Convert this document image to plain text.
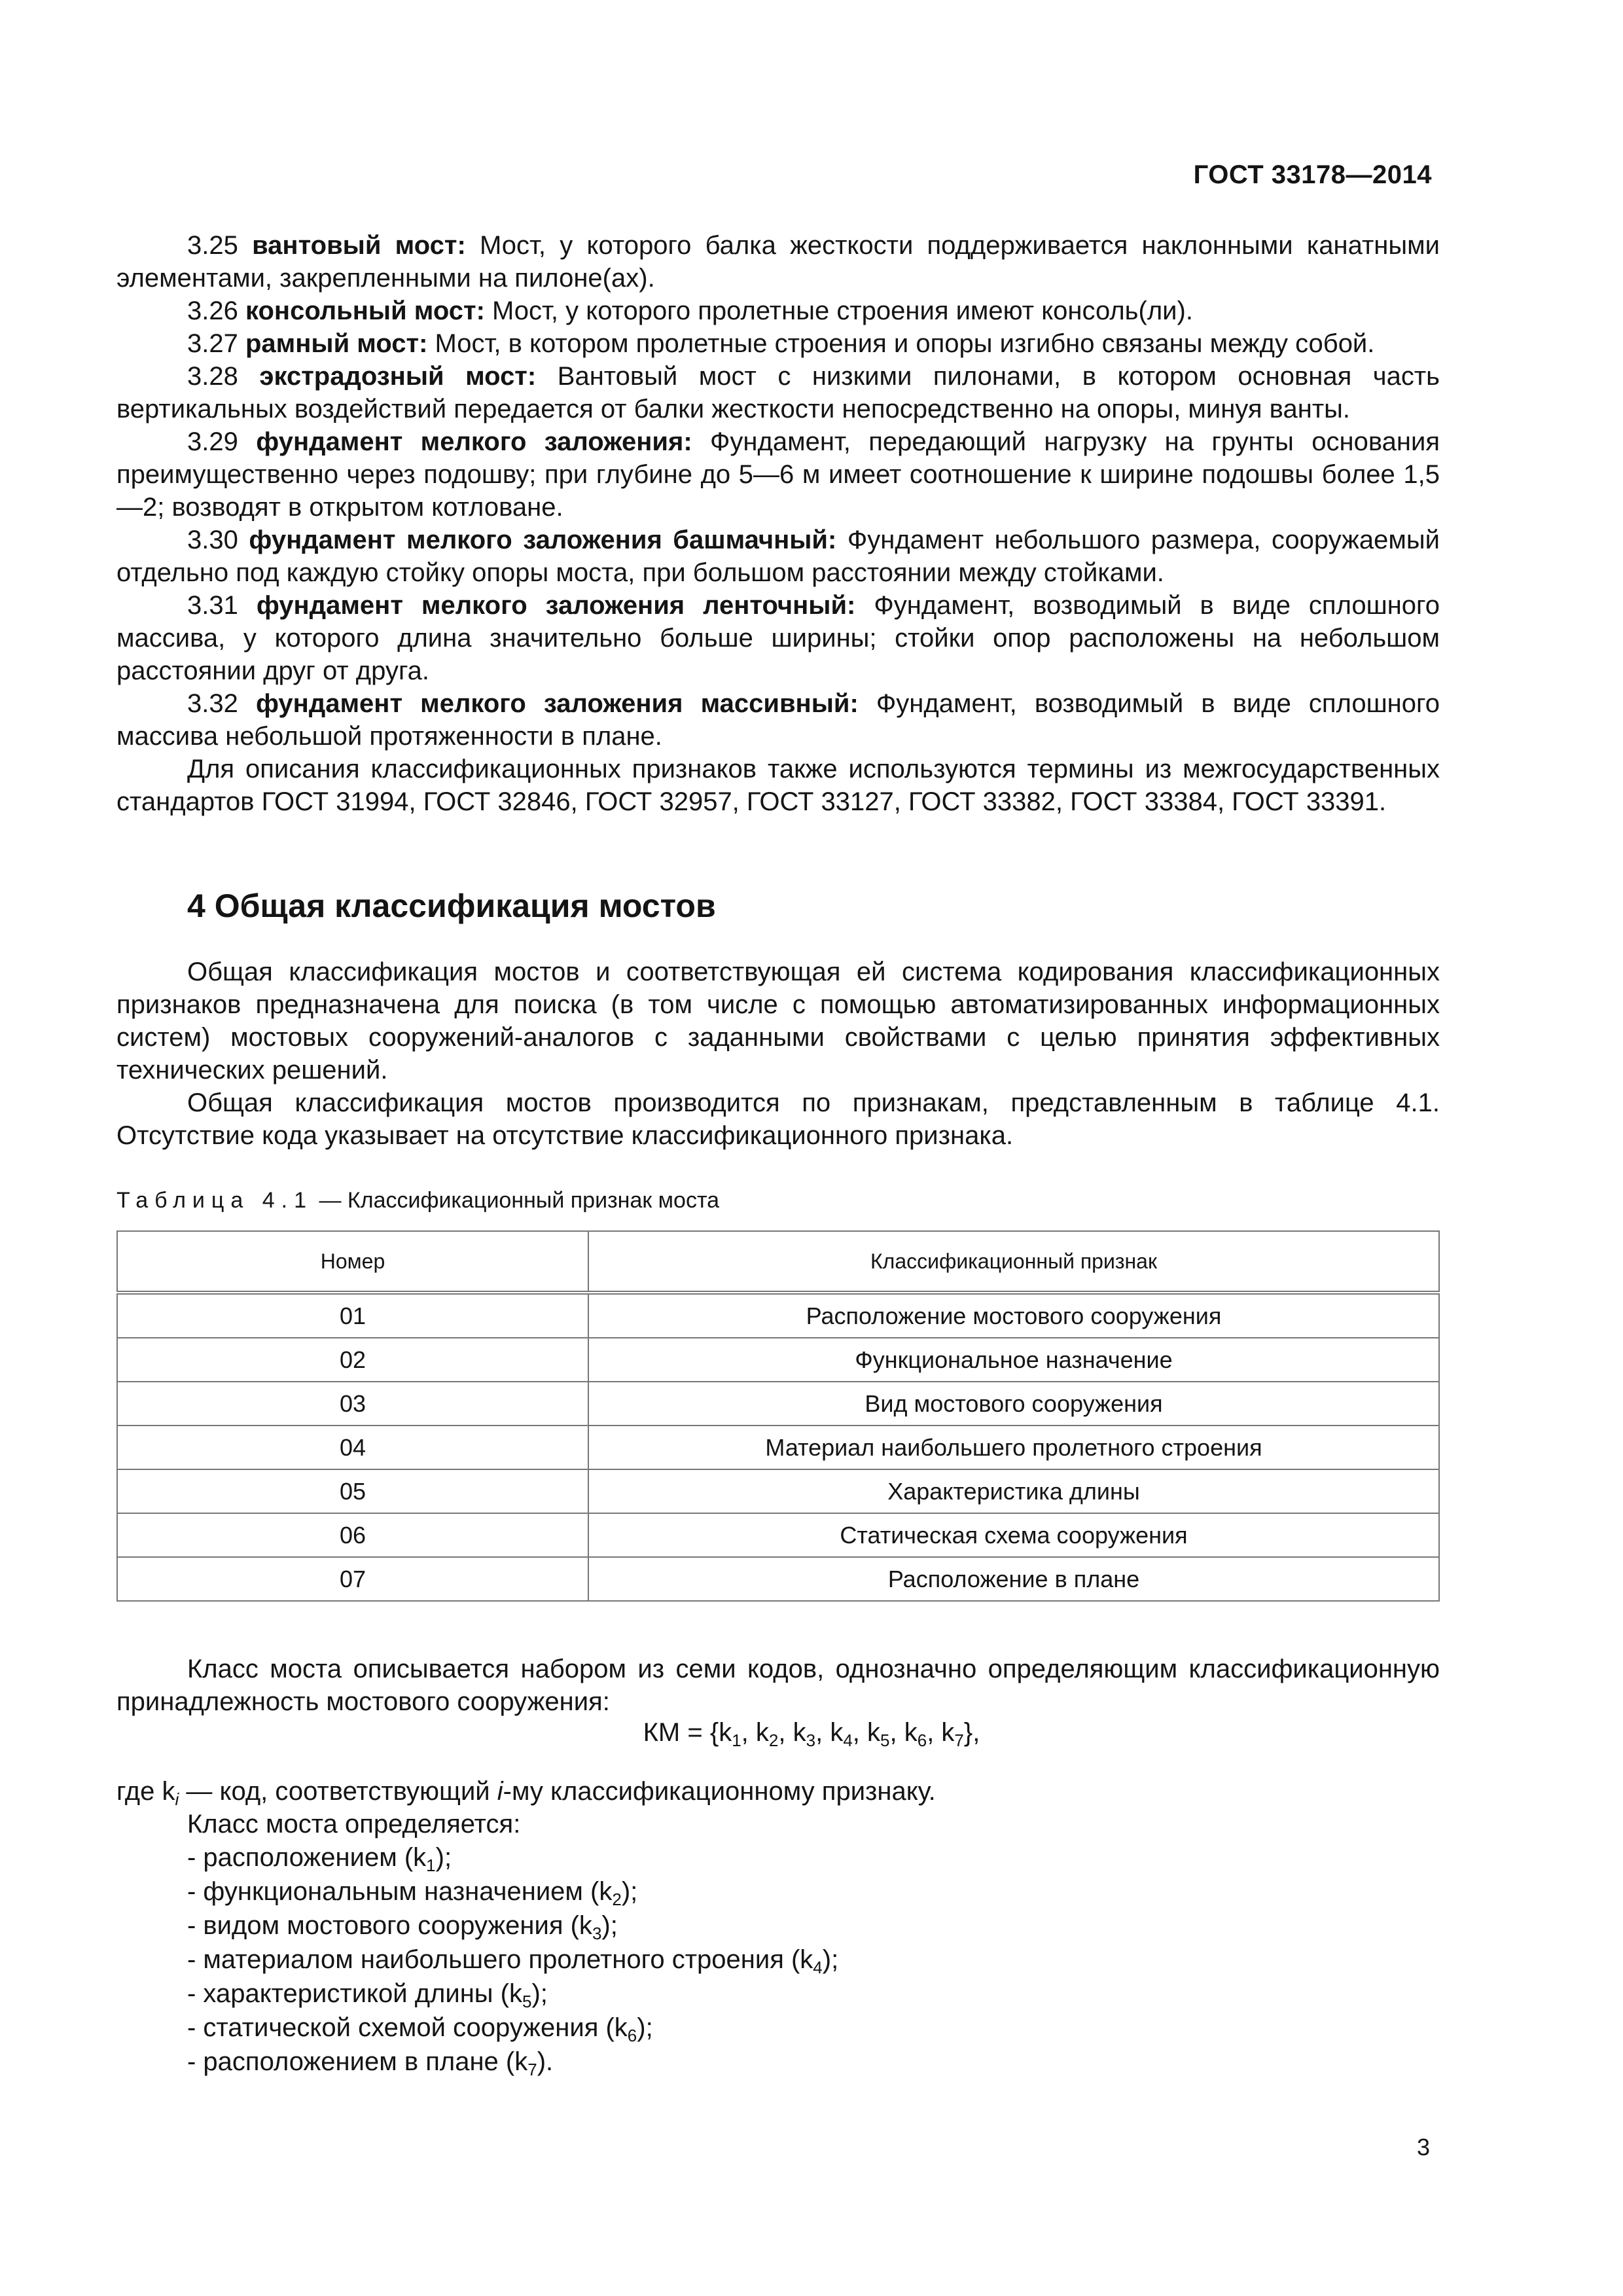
ГОСТ 33178—2014

3.25 вантовый мост: Мост, у которого балка жесткости поддерживается наклонными канатными элементами, закрепленными на пилоне(ах).

3.26 консольный мост: Мост, у которого пролетные строения имеют консоль(ли).

3.27 рамный мост: Мост, в котором пролетные строения и опоры изгибно связаны между собой.

3.28 экстрадозный мост: Вантовый мост с низкими пилонами, в котором основная часть вертикальных воздействий передается от балки жесткости непосредственно на опоры, минуя ванты.

3.29 фундамент мелкого заложения: Фундамент, передающий нагрузку на грунты основания преимущественно через подошву; при глубине до 5—6 м имеет соотношение к ширине подошвы более 1,5—2; возводят в открытом котловане.

3.30 фундамент мелкого заложения башмачный: Фундамент небольшого размера, сооружаемый отдельно под каждую стойку опоры моста, при большом расстоянии между стойками.

3.31 фундамент мелкого заложения ленточный: Фундамент, возводимый в виде сплошного массива, у которого длина значительно больше ширины; стойки опор расположены на небольшом расстоянии друг от друга.

3.32 фундамент мелкого заложения массивный: Фундамент, возводимый в виде сплошного массива небольшой протяженности в плане.

Для описания классификационных признаков также используются термины из межгосударственных стандартов ГОСТ 31994, ГОСТ 32846, ГОСТ 32957, ГОСТ 33127, ГОСТ 33382, ГОСТ 33384, ГОСТ 33391.

4 Общая классификация мостов

Общая классификация мостов и соответствующая ей система кодирования классификационных признаков предназначена для поиска (в том числе с помощью автоматизированных информационных систем) мостовых сооружений-аналогов с заданными свойствами с целью принятия эффективных технических решений.

Общая классификация мостов производится по признакам, представленным в таблице 4.1. Отсутствие кода указывает на отсутствие классификационного признака.

Таблица 4.1 — Классификационный признак моста
Номер	Классификационный признак
01	Расположение мостового сооружения
02	Функциональное назначение
03	Вид мостового сооружения
04	Материал наибольшего пролетного строения
05	Характеристика длины
06	Статическая схема сооружения
07	Расположение в плане

Класс моста описывается набором из семи кодов, однозначно определяющим классификационную принадлежность мостового сооружения:

КМ = {$k_1$, $k_2$, $k_3$, $k_4$, $k_5$, $k_6$, $k_7$},

где $k_i$ — код, соответствующий i-му классификационному признаку.

Класс моста определяется:

- расположением $(k_1)$;
- функциональным назначением $(k_2)$;
- видом мостового сооружения $(k_3)$;
- материалом наибольшего пролетного строения $(k_4)$;
- характеристикой длины $(k_5)$;
- статической схемой сооружения $(k_6)$;
- расположением в плане $(k_7)$.
3
